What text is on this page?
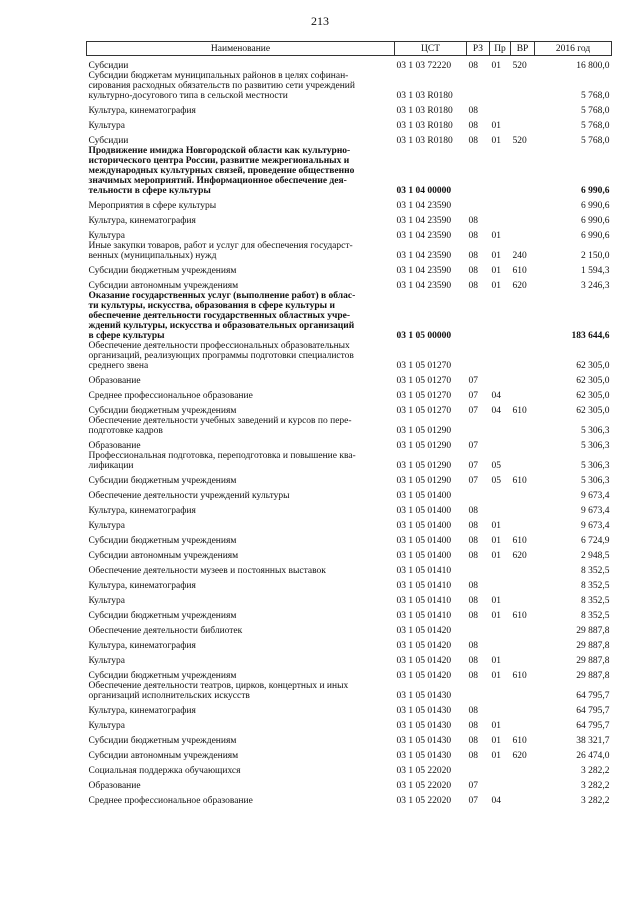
213
Наименование	ЦСТ	РЗ	Пр	ВР	2016 год
Субсидии	03 1 03 72220	08	01	520	16 800,0
Субсидии бюджетам муниципальных районов в целях софинан-
сирования расходных обязательств по развитию сети учреждений
культурно-досугового типа в сельской местности	03 1 03 R0180				5 768,0
Культура, кинематография	03 1 03 R0180	08			5 768,0
Культура	03 1 03 R0180	08	01		5 768,0
Субсидии	03 1 03 R0180	08	01	520	5 768,0
Продвижение имиджа Новгородской области как культурно-
исторического центра России, развитие межрегиональных и
международных культурных связей, проведение общественно
значимых мероприятий. Информационное обеспечение дея-
тельности в сфере культуры	03 1 04 00000				6 990,6
Мероприятия в сфере культуры	03 1 04 23590				6 990,6
Культура, кинематография	03 1 04 23590	08			6 990,6
Культура	03 1 04 23590	08	01		6 990,6
Иные закупки товаров, работ и услуг для обеспечения государст-
венных (муниципальных) нужд	03 1 04 23590	08	01	240	2 150,0
Субсидии бюджетным учреждениям	03 1 04 23590	08	01	610	1 594,3
Субсидии автономным учреждениям	03 1 04 23590	08	01	620	3 246,3
Оказание государственных услуг (выполнение работ) в облас-
ти культуры, искусства, образования в сфере культуры и
обеспечение деятельности государственных областных учре-
ждений культуры, искусства и образовательных организаций
в сфере культуры	03 1 05 00000				183 644,6
Обеспечение деятельности профессиональных образовательных
организаций, реализующих программы подготовки специалистов
среднего звена	03 1 05 01270				62 305,0
Образование	03 1 05 01270	07			62 305,0
Среднее профессиональное образование	03 1 05 01270	07	04		62 305,0
Субсидии бюджетным учреждениям	03 1 05 01270	07	04	610	62 305,0
Обеспечение деятельности учебных заведений и курсов по пере-
подготовке кадров	03 1 05 01290				5 306,3
Образование	03 1 05 01290	07			5 306,3
Профессиональная подготовка, переподготовка и повышение ква-
лификации	03 1 05 01290	07	05		5 306,3
Субсидии бюджетным учреждениям	03 1 05 01290	07	05	610	5 306,3
Обеспечение деятельности учреждений культуры	03 1 05 01400				9 673,4
Культура, кинематография	03 1 05 01400	08			9 673,4
Культура	03 1 05 01400	08	01		9 673,4
Субсидии бюджетным учреждениям	03 1 05 01400	08	01	610	6 724,9
Субсидии автономным учреждениям	03 1 05 01400	08	01	620	2 948,5
Обеспечение деятельности музеев и постоянных выставок	03 1 05 01410				8 352,5
Культура, кинематография	03 1 05 01410	08			8 352,5
Культура	03 1 05 01410	08	01		8 352,5
Субсидии бюджетным учреждениям	03 1 05 01410	08	01	610	8 352,5
Обеспечение деятельности библиотек	03 1 05 01420				29 887,8
Культура, кинематография	03 1 05 01420	08			29 887,8
Культура	03 1 05 01420	08	01		29 887,8
Субсидии бюджетным учреждениям	03 1 05 01420	08	01	610	29 887,8
Обеспечение деятельности театров, цирков, концертных и иных
организаций исполнительских искусств	03 1 05 01430				64 795,7
Культура, кинематография	03 1 05 01430	08			64 795,7
Культура	03 1 05 01430	08	01		64 795,7
Субсидии бюджетным учреждениям	03 1 05 01430	08	01	610	38 321,7
Субсидии автономным учреждениям	03 1 05 01430	08	01	620	26 474,0
Социальная поддержка обучающихся	03 1 05 22020				3 282,2
Образование	03 1 05 22020	07			3 282,2
Среднее профессиональное образование	03 1 05 22020	07	04		3 282,2
